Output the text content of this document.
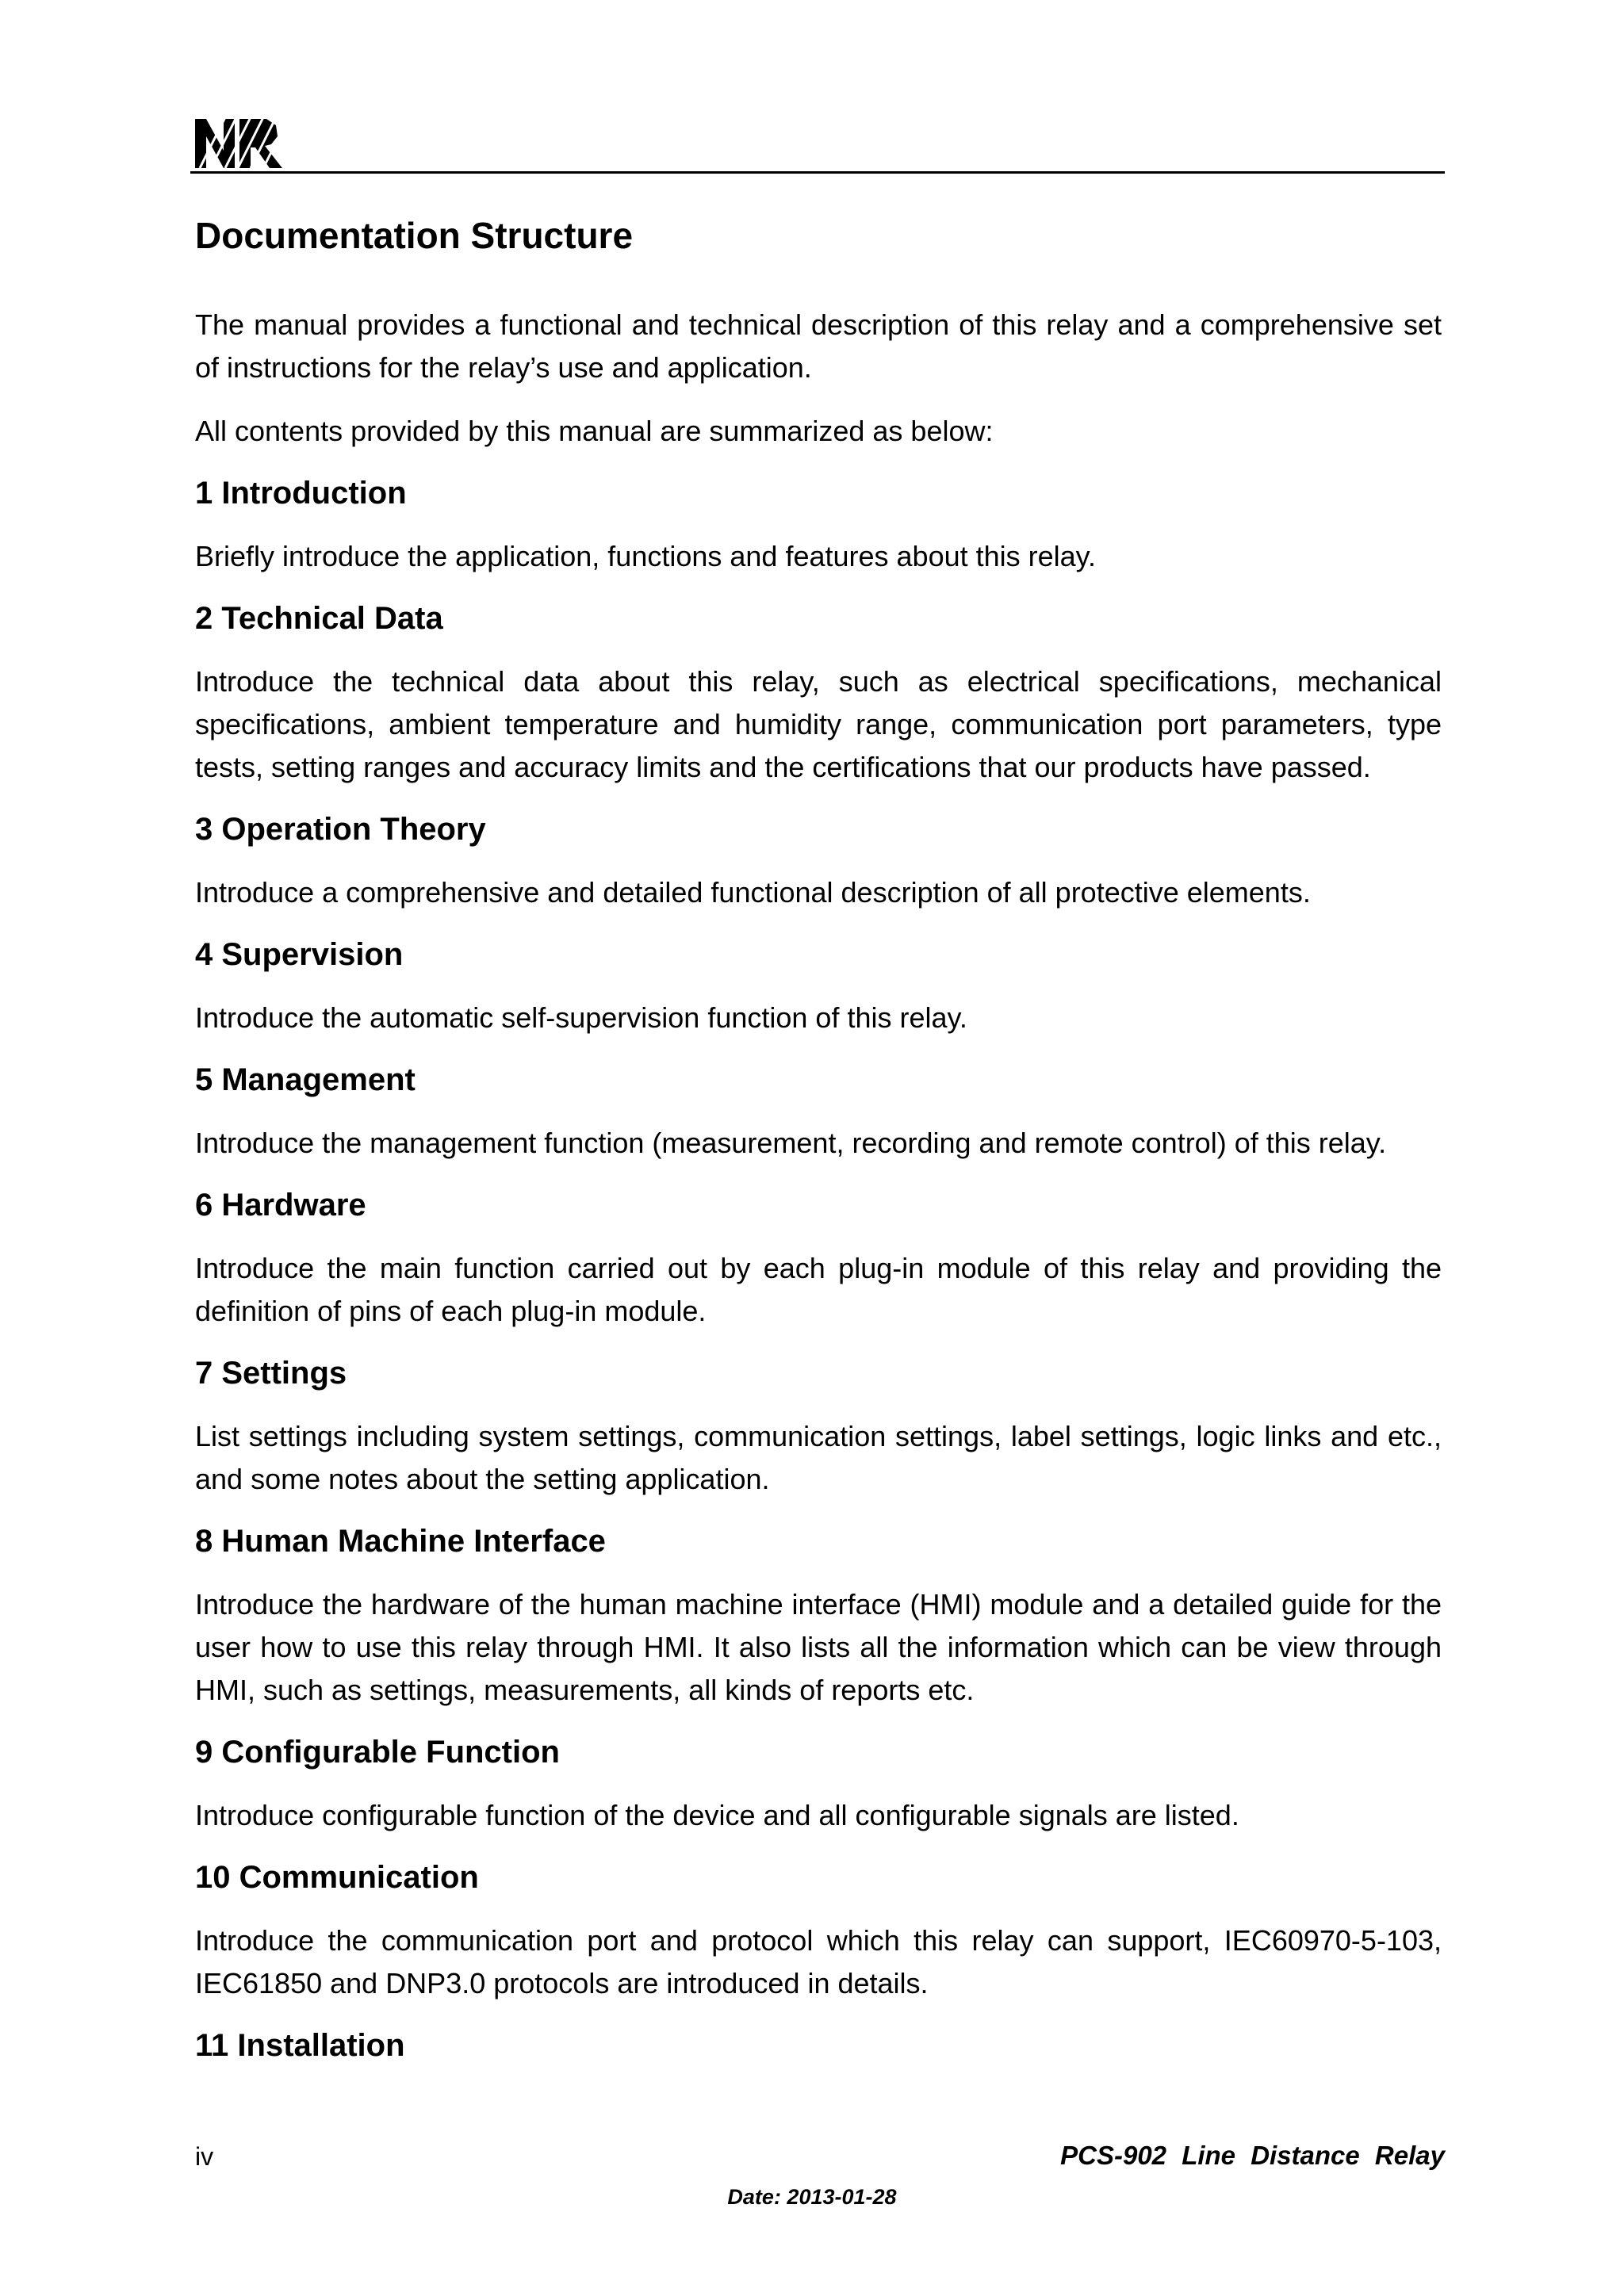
Documentation Structure

The manual provides a functional and technical description of this relay and a comprehensive set of instructions for the relay’s use and application.

All contents provided by this manual are summarized as below:

1 Introduction

Briefly introduce the application, functions and features about this relay.

2 Technical Data

Introduce the technical data about this relay, such as electrical specifications, mechanical specifications, ambient temperature and humidity range, communication port parameters, type tests, setting ranges and accuracy limits and the certifications that our products have passed.

3 Operation Theory

Introduce a comprehensive and detailed functional description of all protective elements.

4 Supervision

Introduce the automatic self-supervision function of this relay.

5 Management

Introduce the management function (measurement, recording and remote control) of this relay.

6 Hardware

Introduce the main function carried out by each plug-in module of this relay and providing the definition of pins of each plug-in module.

7 Settings

List settings including system settings, communication settings, label settings, logic links and etc., and some notes about the setting application.

8 Human Machine Interface

Introduce the hardware of the human machine interface (HMI) module and a detailed guide for the user how to use this relay through HMI. It also lists all the information which can be view through HMI, such as settings, measurements, all kinds of reports etc.

9 Configurable Function

Introduce configurable function of the device and all configurable signals are listed.

10 Communication

Introduce the communication port and protocol which this relay can support, IEC60970-5-103, IEC61850 and DNP3.0 protocols are introduced in details.

11 Installation
iv	PCS-902 Line Distance Relay
Date: 2013-01-28
